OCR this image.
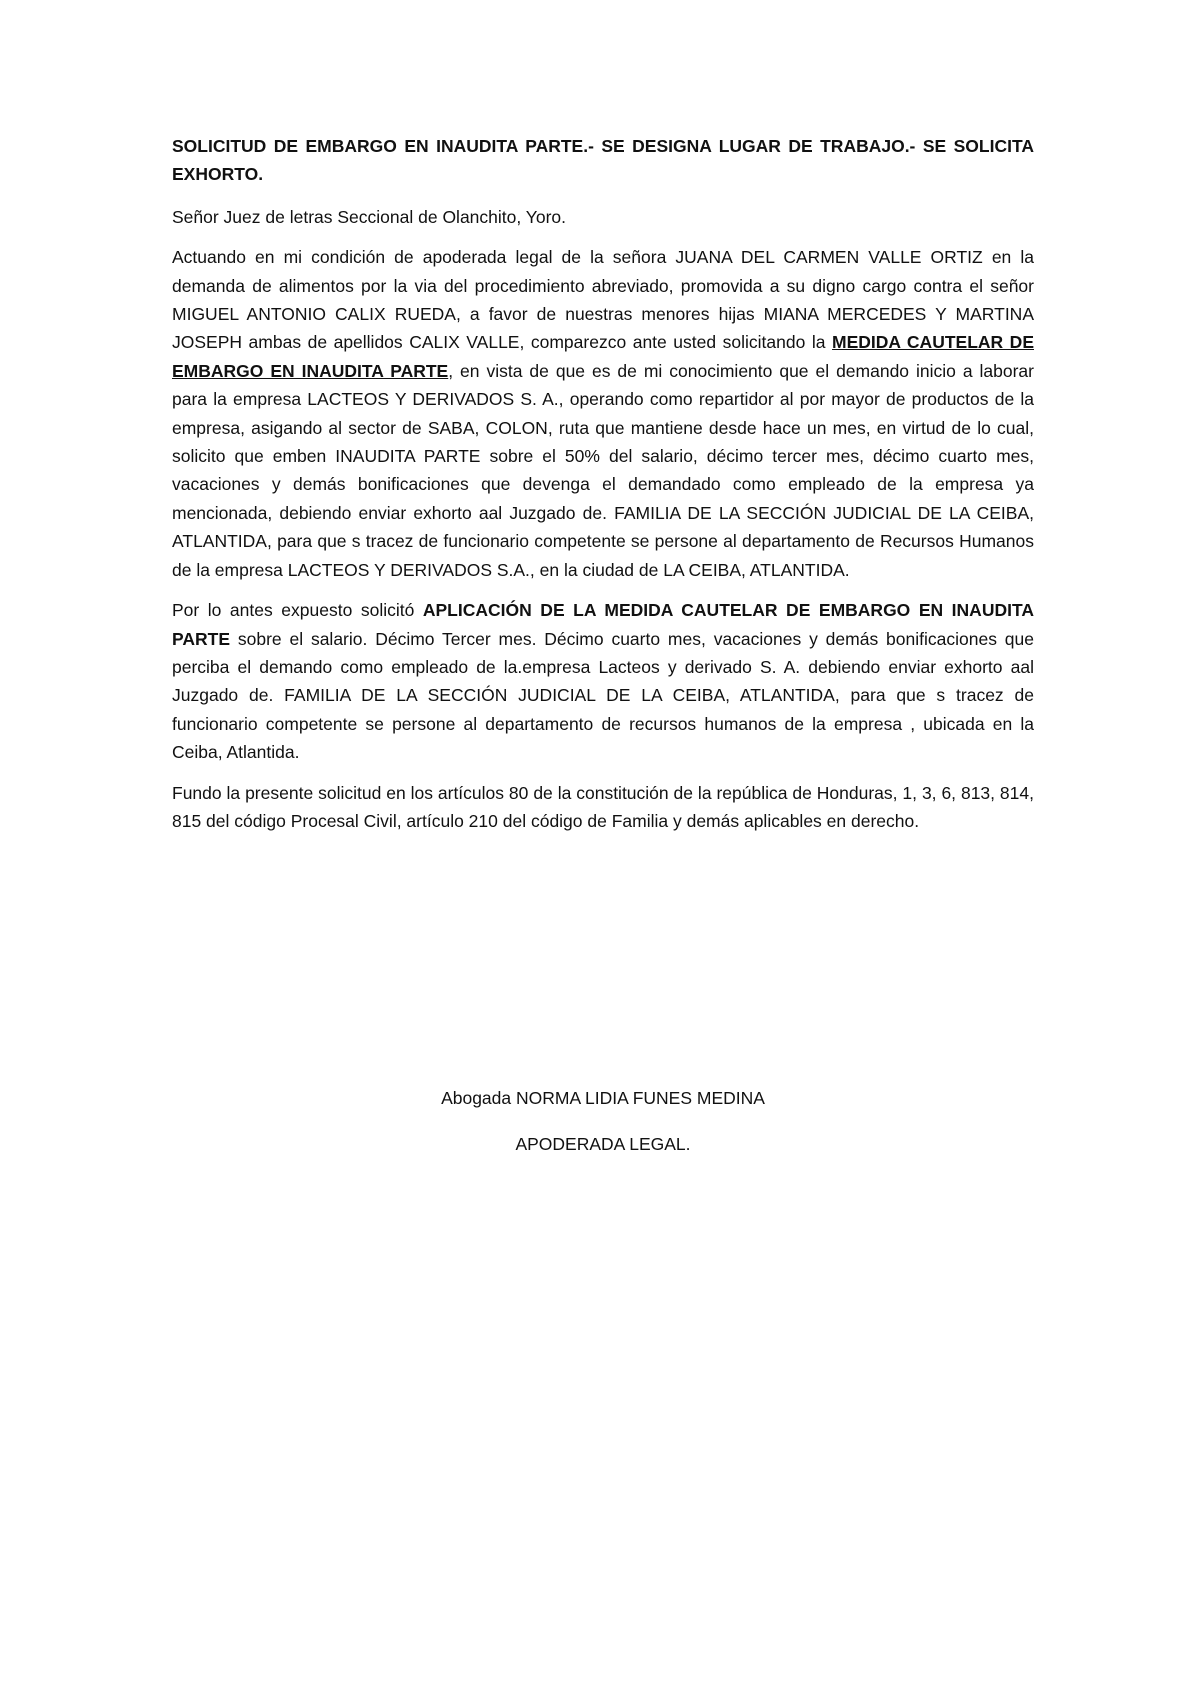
SOLICITUD DE EMBARGO EN INAUDITA PARTE.- SE DESIGNA LUGAR DE TRABAJO.- SE SOLICITA EXHORTO.

Señor Juez de letras Seccional de Olanchito, Yoro.

Actuando en mi condición de apoderada legal de la señora JUANA DEL CARMEN VALLE ORTIZ en la demanda de alimentos por la via del procedimiento abreviado, promovida a su digno cargo contra el señor MIGUEL ANTONIO CALIX RUEDA, a favor de nuestras menores hijas MIANA MERCEDES Y MARTINA JOSEPH ambas de apellidos CALIX VALLE, comparezco ante usted solicitando la MEDIDA CAUTELAR DE EMBARGO EN INAUDITA PARTE, en vista de que es de mi conocimiento que el demando inicio a laborar para la empresa LACTEOS Y DERIVADOS S. A., operando como repartidor al por mayor de productos de la empresa, asigando al sector de SABA, COLON, ruta que mantiene desde hace un mes, en virtud de lo cual, solicito que emben INAUDITA PARTE sobre el 50% del salario, décimo tercer mes, décimo cuarto mes, vacaciones y demás bonificaciones que devenga el demandado como empleado de la empresa ya mencionada, debiendo enviar exhorto aal Juzgado de. FAMILIA DE LA SECCIÓN JUDICIAL DE LA CEIBA, ATLANTIDA, para que s tracez de funcionario competente se persone al departamento de Recursos Humanos de la empresa LACTEOS Y DERIVADOS S.A., en la ciudad de LA CEIBA, ATLANTIDA.

Por lo antes expuesto solicitó APLICACIÓN DE LA MEDIDA CAUTELAR DE EMBARGO EN INAUDITA PARTE sobre el salario. Décimo Tercer mes. Décimo cuarto mes, vacaciones y demás bonificaciones que perciba el demando como empleado de la.empresa Lacteos y derivado S. A. debiendo enviar exhorto aal Juzgado de. FAMILIA DE LA SECCIÓN JUDICIAL DE LA CEIBA, ATLANTIDA, para que s tracez de funcionario competente se persone al departamento de recursos humanos de la empresa , ubicada en la Ceiba, Atlantida.

Fundo la presente solicitud en los artículos 80 de la constitución de la república de Honduras, 1, 3, 6, 813, 814, 815 del código Procesal Civil, artículo 210 del código de Familia y demás aplicables en derecho.

Abogada NORMA LIDIA FUNES MEDINA
APODERADA LEGAL.
